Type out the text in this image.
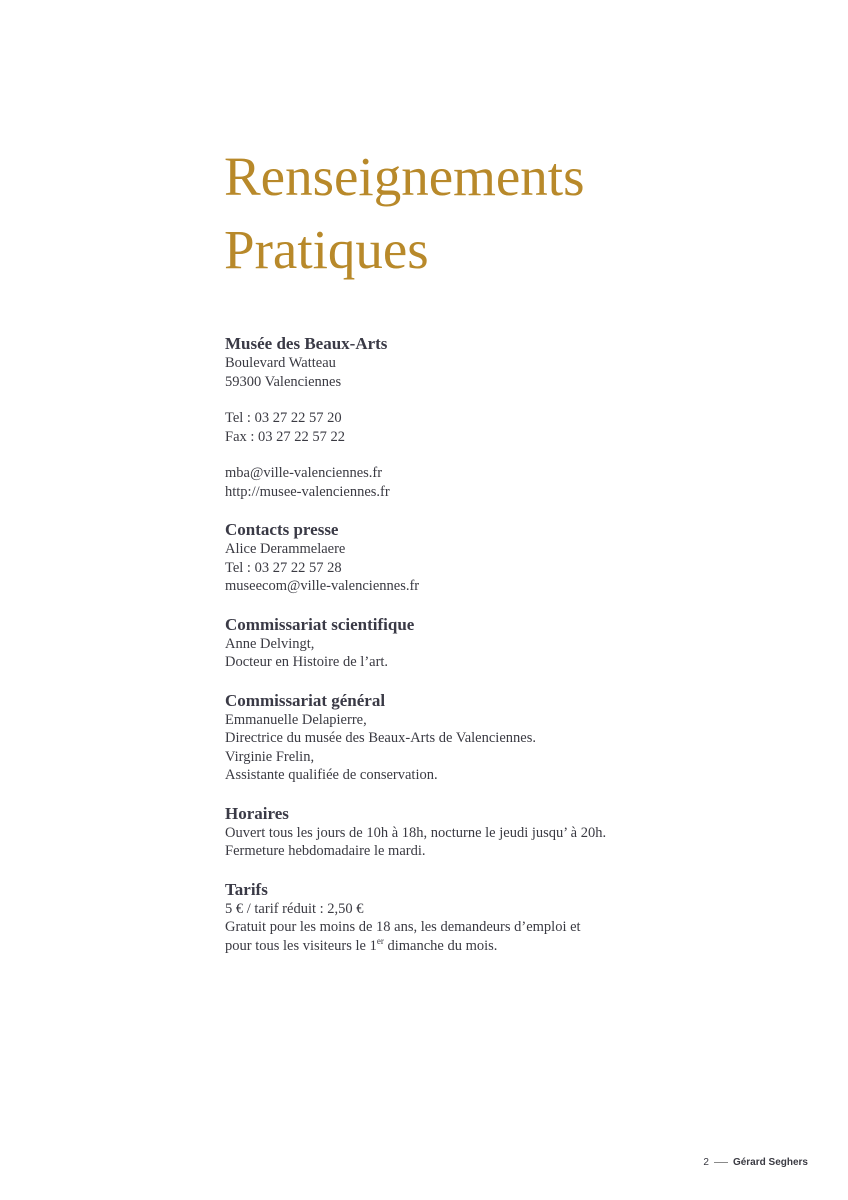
Renseignements
Pratiques
Musée des Beaux-Arts
Boulevard Watteau
59300 Valenciennes
Tel : 03 27 22 57 20
Fax : 03 27 22 57 22
mba@ville-valenciennes.fr
http://musee-valenciennes.fr
Contacts presse
Alice Derammelaere
Tel : 03 27 22 57 28
museecom@ville-valenciennes.fr
Commissariat scientifique
Anne Delvingt,
Docteur en Histoire de l’art.
Commissariat général
Emmanuelle Delapierre,
Directrice du musée des Beaux-Arts de Valenciennes.
Virginie Frelin,
Assistante qualifiée de conservation.
Horaires
Ouvert tous les jours de 10h à 18h, nocturne le jeudi jusqu’ à 20h.
Fermeture hebdomadaire le mardi.
Tarifs
5 € / tarif réduit : 2,50 €
Gratuit pour les moins de 18 ans, les demandeurs d’emploi et
pour tous les visiteurs le 1er dimanche du mois.
2 Gérard Seghers
